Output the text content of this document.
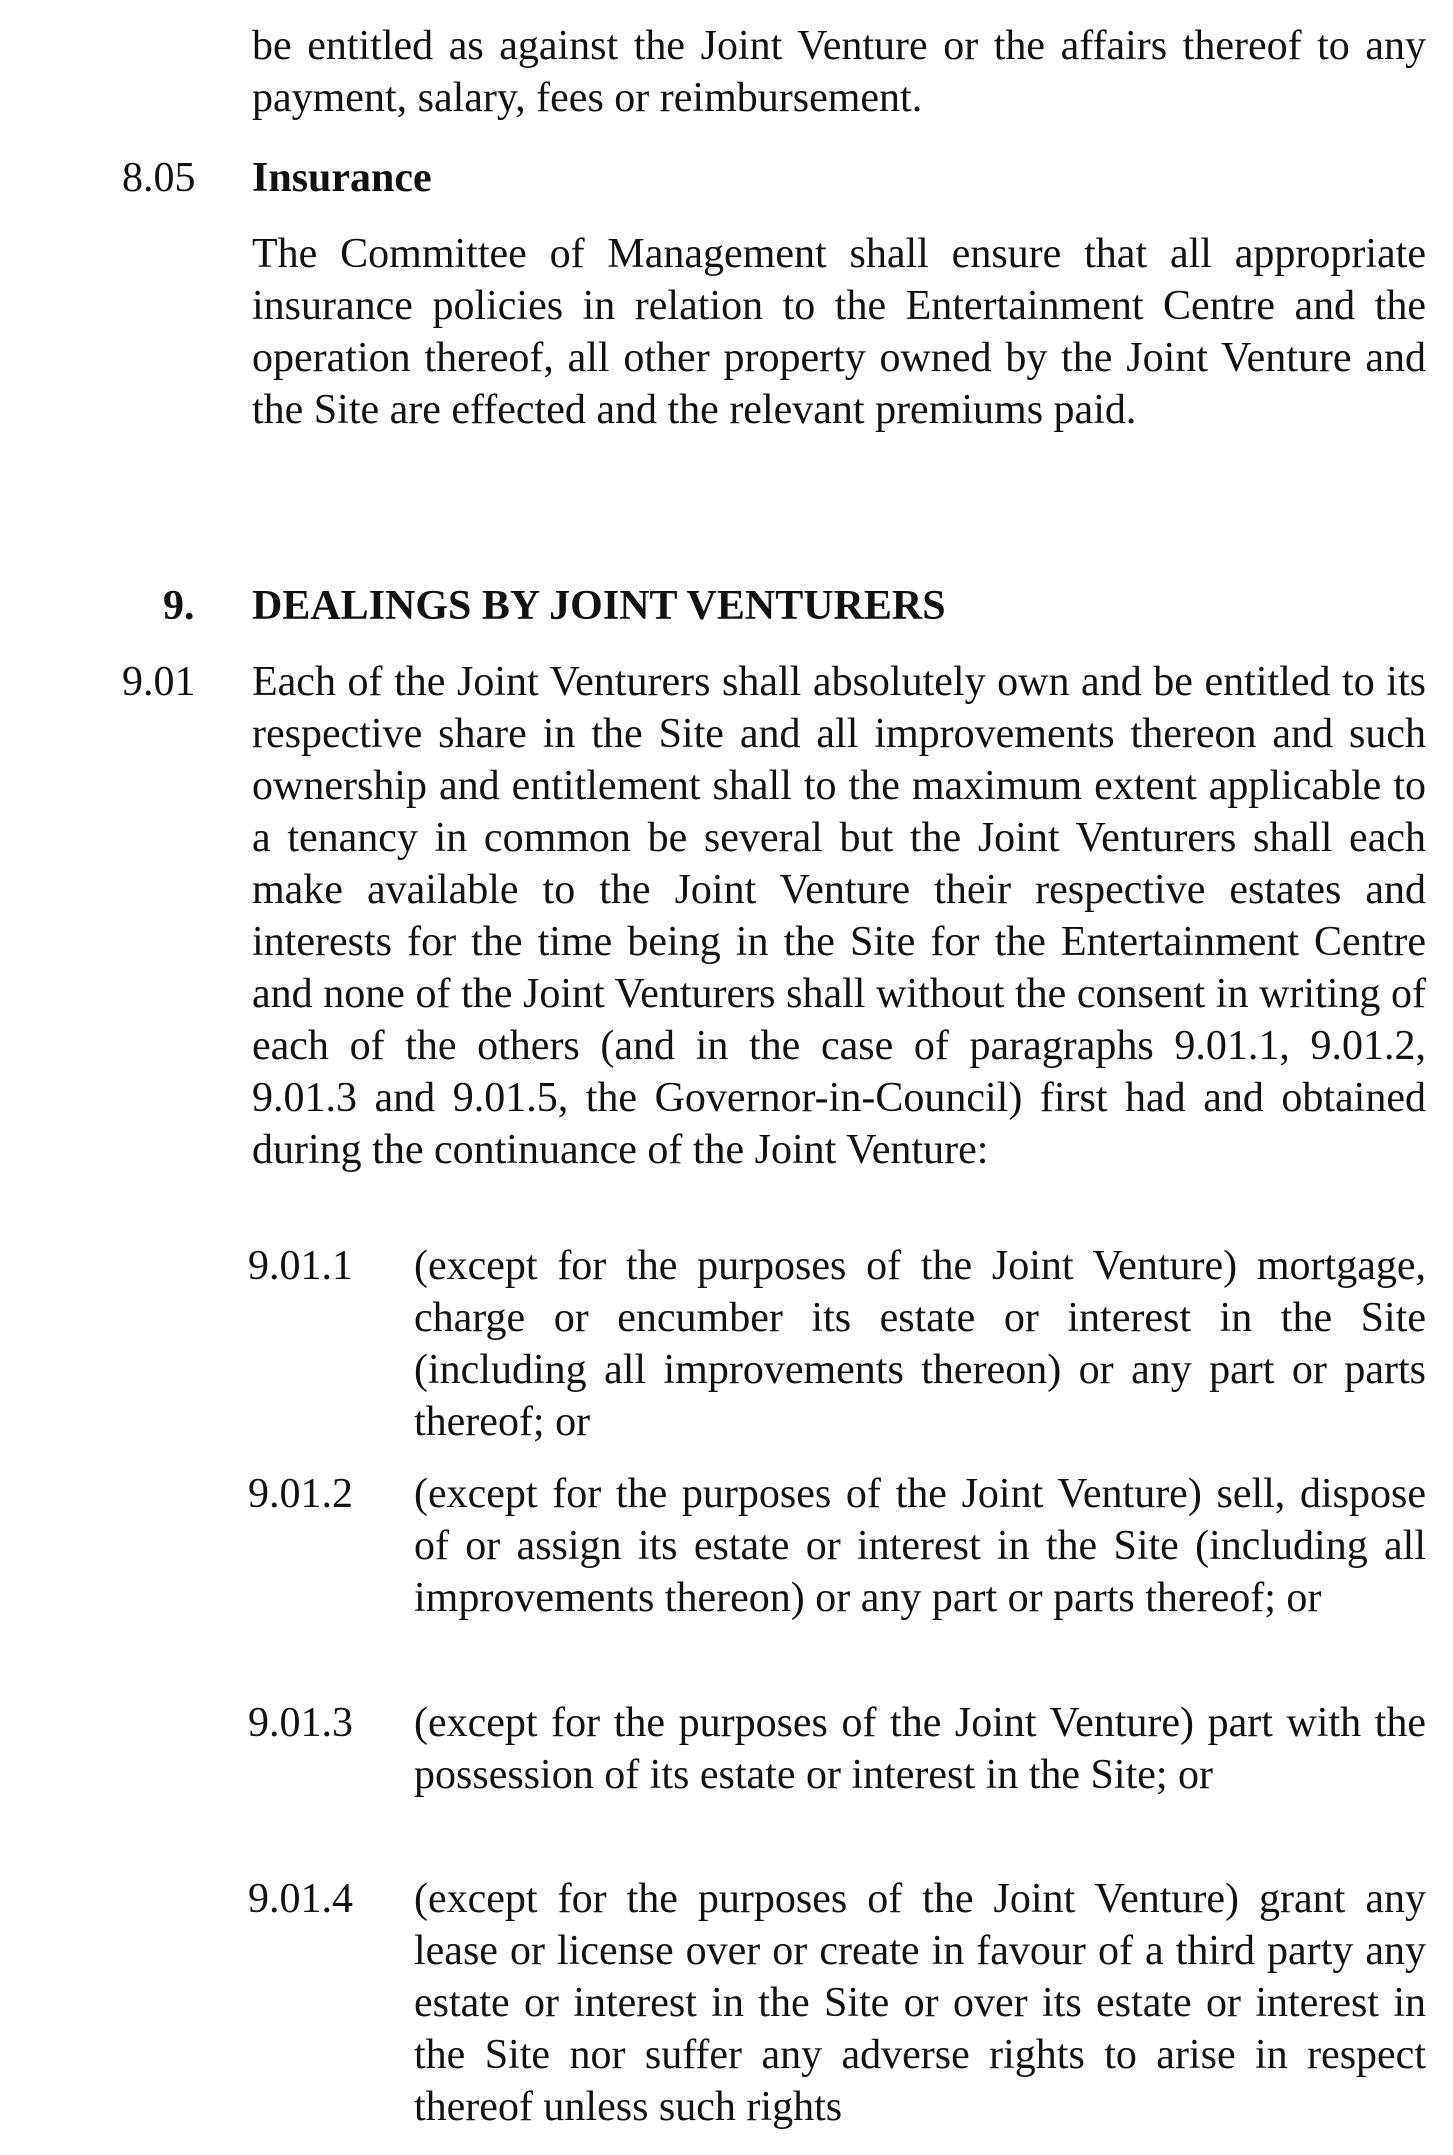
be entitled as against the Joint Venture or the affairs thereof to any payment, salary, fees or reimbursement.

8.05 Insurance

The Committee of Management shall ensure that all appropriate insurance policies in relation to the Entertainment Centre and the operation thereof, all other property owned by the Joint Venture and the Site are effected and the relevant premiums paid.

9. DEALINGS BY JOINT VENTURERS

9.01 Each of the Joint Venturers shall absolutely own and be entitled to its respective share in the Site and all improvements thereon and such ownership and entitlement shall to the maximum extent applicable to a tenancy in common be several but the Joint Venturers shall each make available to the Joint Venture their respective estates and interests for the time being in the Site for the Entertainment Centre and none of the Joint Venturers shall without the consent in writing of each of the others (and in the case of paragraphs 9.01.1, 9.01.2, 9.01.3 and 9.01.5, the Governor-in-Council) first had and obtained during the continuance of the Joint Venture:

9.01.1 (except for the purposes of the Joint Venture) mortgage, charge or encumber its estate or interest in the Site (including all improvements thereon) or any part or parts thereof; or

9.01.2 (except for the purposes of the Joint Venture) sell, dispose of or assign its estate or interest in the Site (including all improvements thereon) or any part or parts thereof; or

9.01.3 (except for the purposes of the Joint Venture) part with the possession of its estate or interest in the Site; or

9.01.4 (except for the purposes of the Joint Venture) grant any lease or license over or create in favour of a third party any estate or interest in the Site or over its estate or interest in the Site nor suffer any adverse rights to arise in respect thereof unless such rights
